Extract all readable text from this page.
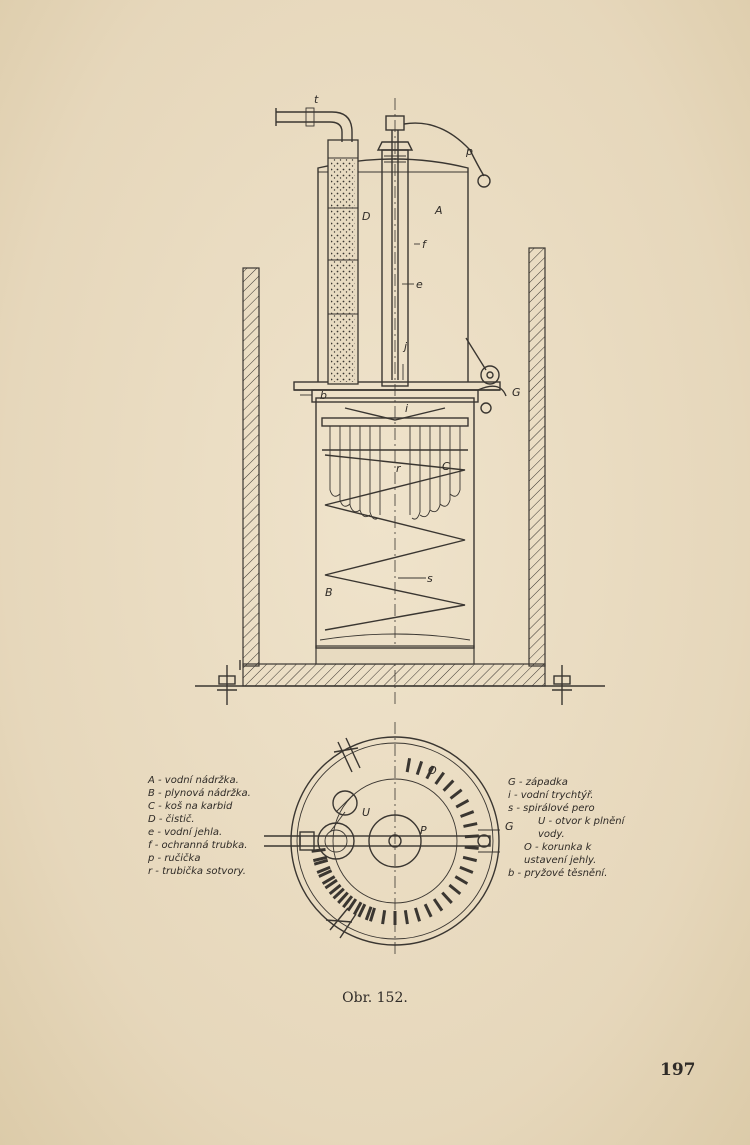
A
D
f
e
j
i
C
r
s
B
G
p
b
t
O
U
P	G
A - vodní nádržka.
B - plynová nádržka.
C - koš na karbid
D - čistič.
e - vodní jehla.
f - ochranná trubka.
p - ručička
r - trubička sotvory.
G - západka
i - vodní trychtýř.
s - spirálové pero
U - otvor k plnění
vody.
O - korunka k
ustavení jehly.
b - pryžové těsnění.
Obr. 152.
197
